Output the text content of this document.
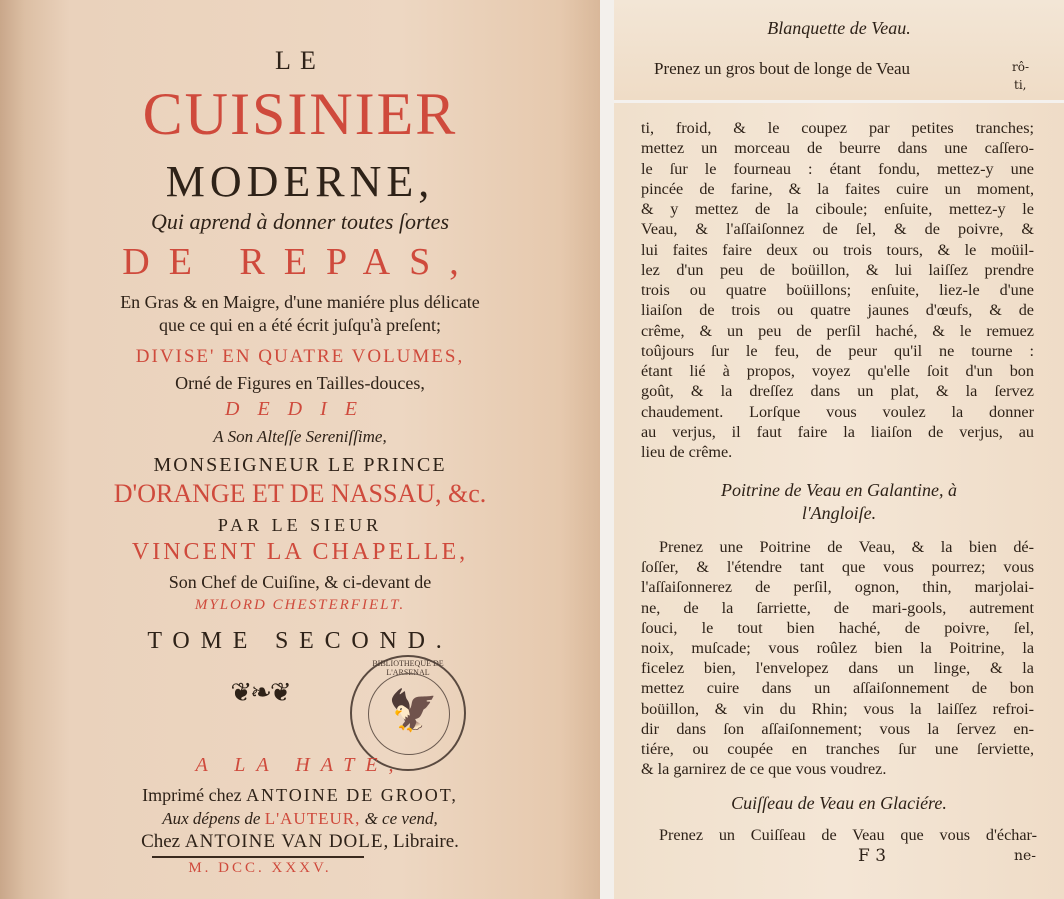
LE
CUISINIER
MODERNE,
Qui aprend à donner toutes ſortes
DE REPAS,
En Gras & en Maigre, d'une maniére plus délicate
que ce qui en a été écrit juſqu'à preſent;
DIVISE' EN QUATRE VOLUMES,
Orné de Figures en Tailles-douces,
DEDIE
A Son Alteſſe Sereniſſime,
MONSEIGNEUR LE PRINCE
D'ORANGE ET DE NASSAU, &c.
PAR LE SIEUR
VINCENT LA CHAPELLE,
Son Chef de Cuiſine, & ci-devant de
MYLORD CHESTERFIELT.
TOME SECOND.
❦❧❦
BIBLIOTHEQUE DE L'ARSENAL
🦅
A LA HATE,
Imprimé chez ANTOINE DE GROOT,
Aux dépens de L'AUTEUR, & ce vend,
Chez ANTOINE VAN DOLE, Libraire.
M. DCC. XXXV.
Blanquette de Veau.
Prenez un gros bout de longe de Veau	rô-
ti,
ti, froid, & le coupez par petites tranches;
mettez un morceau de beurre dans une caſſero-
le ſur le fourneau : étant fondu, mettez-y une
pincée de farine, & la faites cuire un moment,
& y mettez de la ciboule; enſuite, mettez-y le
Veau, & l'aſſaiſonnez de ſel, & de poivre, &
lui faites faire deux ou trois tours, & le moüil-
lez d'un peu de boüillon, & lui laiſſez prendre
trois ou quatre boüillons; enſuite, liez-le d'une
liaiſon de trois ou quatre jaunes d'œufs, & de
crême, & un peu de perſil haché, & le remuez
toûjours ſur le feu, de peur qu'il ne tourne :
étant lié à propos, voyez qu'elle ſoit d'un bon
goût, & la dreſſez dans un plat, & la ſervez
chaudement. Lorſque vous voulez la donner
au verjus, il faut faire la liaiſon de verjus, au
lieu de crême.
Poitrine de Veau en Galantine, à
l'Angloiſe.
Prenez une Poitrine de Veau, & la bien dé-
ſoſſer, & l'étendre tant que vous pourrez; vous
l'aſſaiſonnerez de perſil, ognon, thin, marjolai-
ne, de la ſarriette, de mari-gools, autrement
ſouci, le tout bien haché, de poivre, ſel,
noix, muſcade; vous roûlez bien la Poitrine, la
ficelez bien, l'envelopez dans un linge, & la
mettez cuire dans un aſſaiſonnement de bon
boüillon, & vin du Rhin; vous la laiſſez refroi-
dir dans ſon aſſaiſonnement; vous la ſervez en-
tiére, ou coupée en tranches ſur une ſerviette,
& la garnirez de ce que vous voudrez.
Cuiſſeau de Veau en Glaciére.
Prenez un Cuiſſeau de Veau que vous d'échar-
F 3	ne-
